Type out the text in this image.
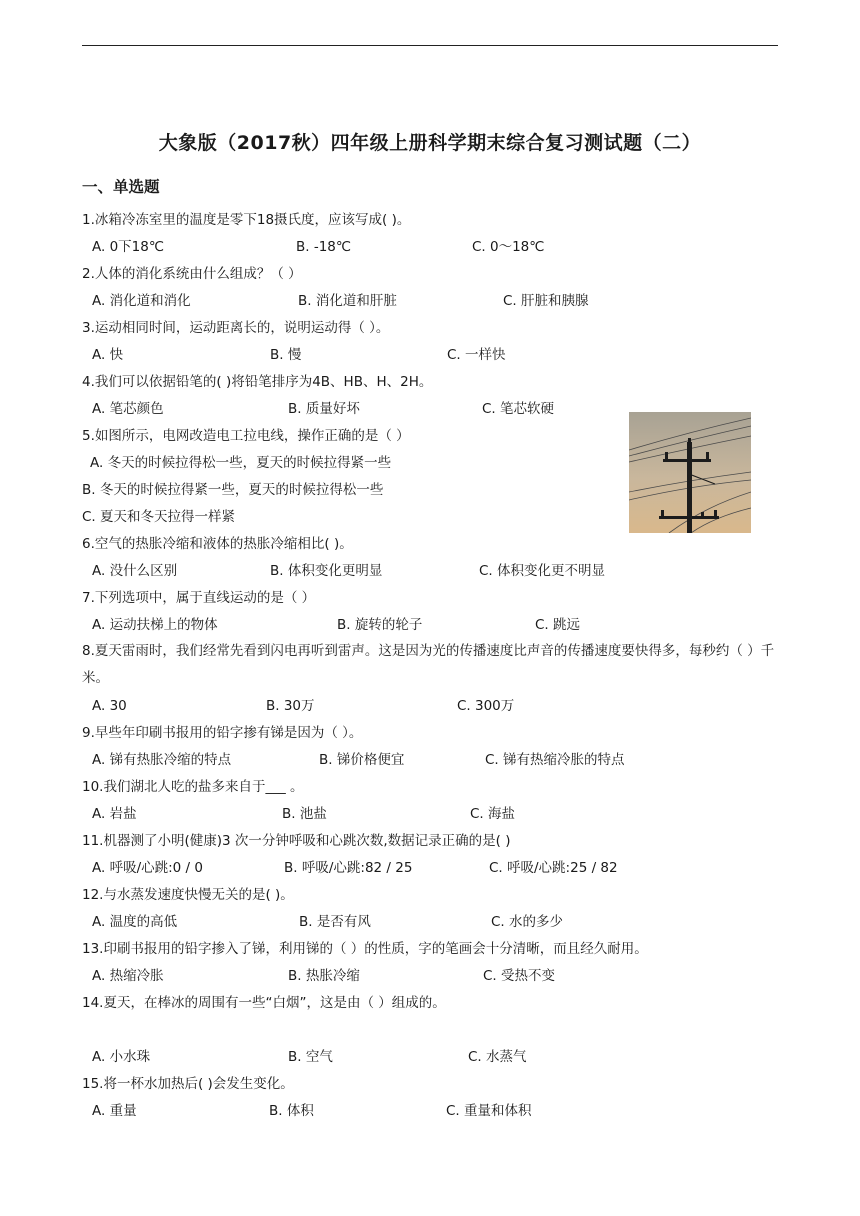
大象版（2017秋）四年级上册科学期末综合复习测试题（二）
一、单选题
1.冰箱冷冻室里的温度是零下18摄氏度，应该写成( )。
A. 0下18℃	B. -18℃	C. 0～18℃
2.人体的消化系统由什么组成？（ ）
A. 消化道和消化	B. 消化道和肝脏	C. 肝脏和胰腺
3.运动相同时间，运动距离长的，说明运动得（ ）。
A. 快	B. 慢	C. 一样快
4.我们可以依据铅笔的( )将铅笔排序为4B、HB、H、2H。
A. 笔芯颜色	B. 质量好坏	C. 笔芯软硬
5.如图所示，电网改造电工拉电线，操作正确的是（ ）
A. 冬天的时候拉得松一些，夏天的时候拉得紧一些
B. 冬天的时候拉得紧一些，夏天的时候拉得松一些
C. 夏天和冬天拉得一样紧
6.空气的热胀冷缩和液体的热胀冷缩相比( )。
A. 没什么区别	B. 体积变化更明显	C. 体积变化更不明显
7.下列选项中，属于直线运动的是（ ）
A. 运动扶梯上的物体	B. 旋转的轮子	C. 跳远
8.夏天雷雨时，我们经常先看到闪电再听到雷声。这是因为光的传播速度比声音的传播速度要快得多，每秒约（ ）千米。
A. 30	B. 30万	C. 300万
9.早些年印刷书报用的铅字掺有锑是因为（ ）。
A. 锑有热胀冷缩的特点	B. 锑价格便宜	C. 锑有热缩冷胀的特点
10.我们湖北人吃的盐多来自于___ 。
A. 岩盐	B. 池盐	C. 海盐
11.机器测了小明(健康)3 次一分钟呼吸和心跳次数,数据记录正确的是( )
A. 呼吸/心跳:0 / 0	B. 呼吸/心跳:82 / 25	C. 呼吸/心跳:25 / 82
12.与水蒸发速度快慢无关的是( )。
A. 温度的高低	B. 是否有风	C. 水的多少
13.印刷书报用的铅字掺入了锑，利用锑的（ ）的性质，字的笔画会十分清晰，而且经久耐用。
A. 热缩冷胀	B. 热胀冷缩	C. 受热不变
14.夏天，在棒冰的周围有一些“白烟”，这是由（ ）组成的。
A. 小水珠	B. 空气	C. 水蒸气
15.将一杯水加热后( )会发生变化。
A. 重量	B. 体积	C. 重量和体积
